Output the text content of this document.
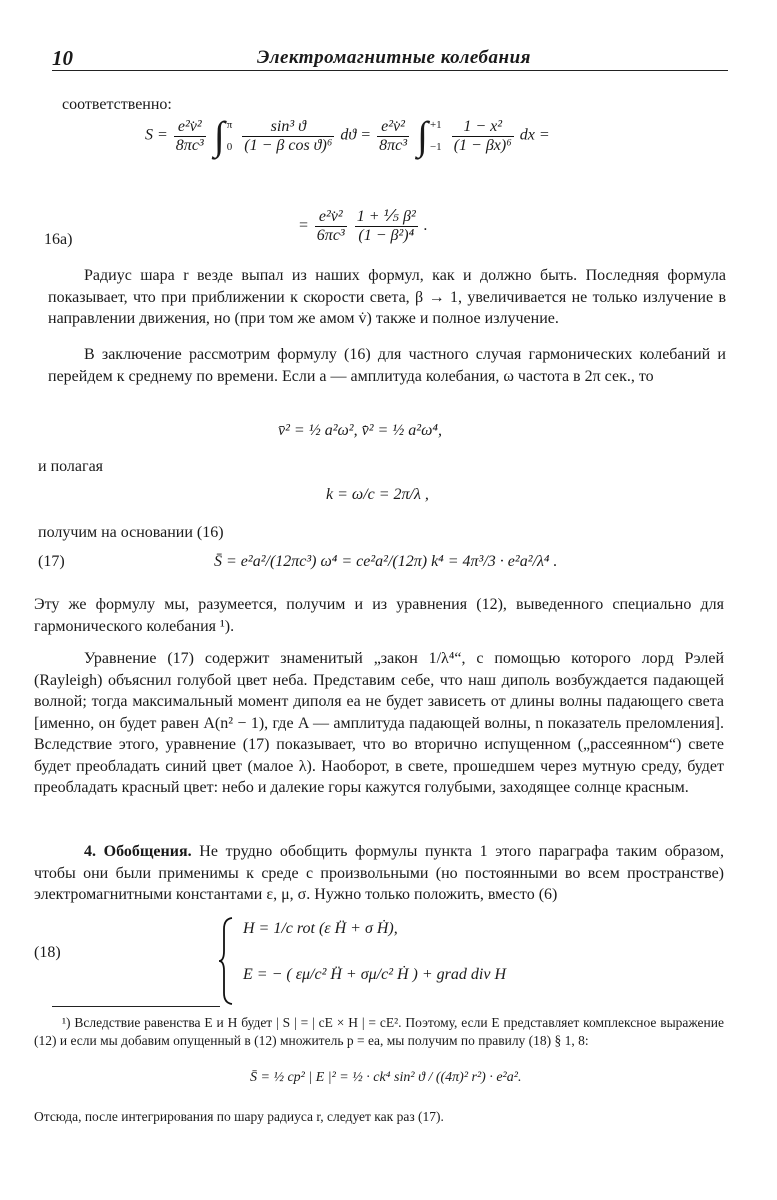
10	Электромагнитные колебания
соответственно:
$S = \frac{\text{e²v̇²}}{\text{8πc³}}$ ∫ π
0
$\frac{\text{sin³ ϑ}}{\text{(1 − β cos ϑ)⁶}}$ $dϑ = \frac{\text{e²v̇²}}{\text{8πc³}}$ ∫ +1
−1
$\frac{\text{1 − x²}}{\text{(1 − βx)⁶}}$ dx =
16a)
= $\frac{\text{e²v̇²}}{\text{6πc³}}$
$\frac{\text{1 + ⅕ β²}}{\text{(1 − β²)⁴}}$ .
Радиус шара r везде выпал из наших формул, как и должно быть. Последняя формула показывает, что при приближении к скорости света, β → 1, увеличивается не только излучение в направлении движения, но (при том же амом v̇) также и полное излучение.
В заключение рассмотрим формулу (16) для частного случая гармонических колебаний и перейдем к среднему по времени. Если a — амплитуда колебания, ω частота в 2π сек., то
v̄² = ½ a²ω², v̇̄² = ½ a²ω⁴,
и полагая
k = ω/c = 2π/λ ,
получим на основании (16)
(17)	S̄ = e²a²/(12πc³) ω⁴ = ce²a²/(12π) k⁴ = 4π³/3 · e²a²/λ⁴ .
Эту же формулу мы, разумеется, получим и из уравнения (12), выведенного специально для гармонического колебания ¹).
Уравнение (17) содержит знаменитый „закон 1/λ⁴“, с помощью которого лорд Рэлей (Rayleigh) объяснил голубой цвет неба. Представим себе, что наш диполь возбуждается падающей волной; тогда максимальный момент диполя ea не будет зависеть от длины волны падающего света [именно, он будет равен A(n² − 1), где A — амплитуда падающей волны, n показатель преломления]. Вследствие этого, уравнение (17) показывает, что во вторично испущенном („рассеянном“) свете будет преобладать синий цвет (малое λ). Наоборот, в свете, прошедшем через мутную среду, будет преобладать красный цвет: небо и далекие горы кажутся голубыми, заходящее солнце красным.
4. Обобщения. Не трудно обобщить формулы пункта 1 этого параграфа таким образом, чтобы они были применимы к среде с произвольными (но постоянными во всем пространстве) электромагнитными константами ε, μ, σ. Нужно только положить, вместо (6)
(18)
H = 1/c rot (ε Ḧ + σ Ḣ),
E = − ( εμ/c² Ḧ + σμ/c² Ḣ ) + grad div H
¹) Вследствие равенства E и H будет | S | = | cE × H | = cE². Поэтому, если E представляет комплексное выражение (12) и если мы добавим опущенный в (12) множитель p = ea, мы получим по правилу (18) § 1, 8:
S̄ = ½ cp² | E |² = ½ · ck⁴ sin² ϑ / ((4π)² r²) · e²a².
Отсюда, после интегрирования по шару радиуса r, следует как раз (17).
